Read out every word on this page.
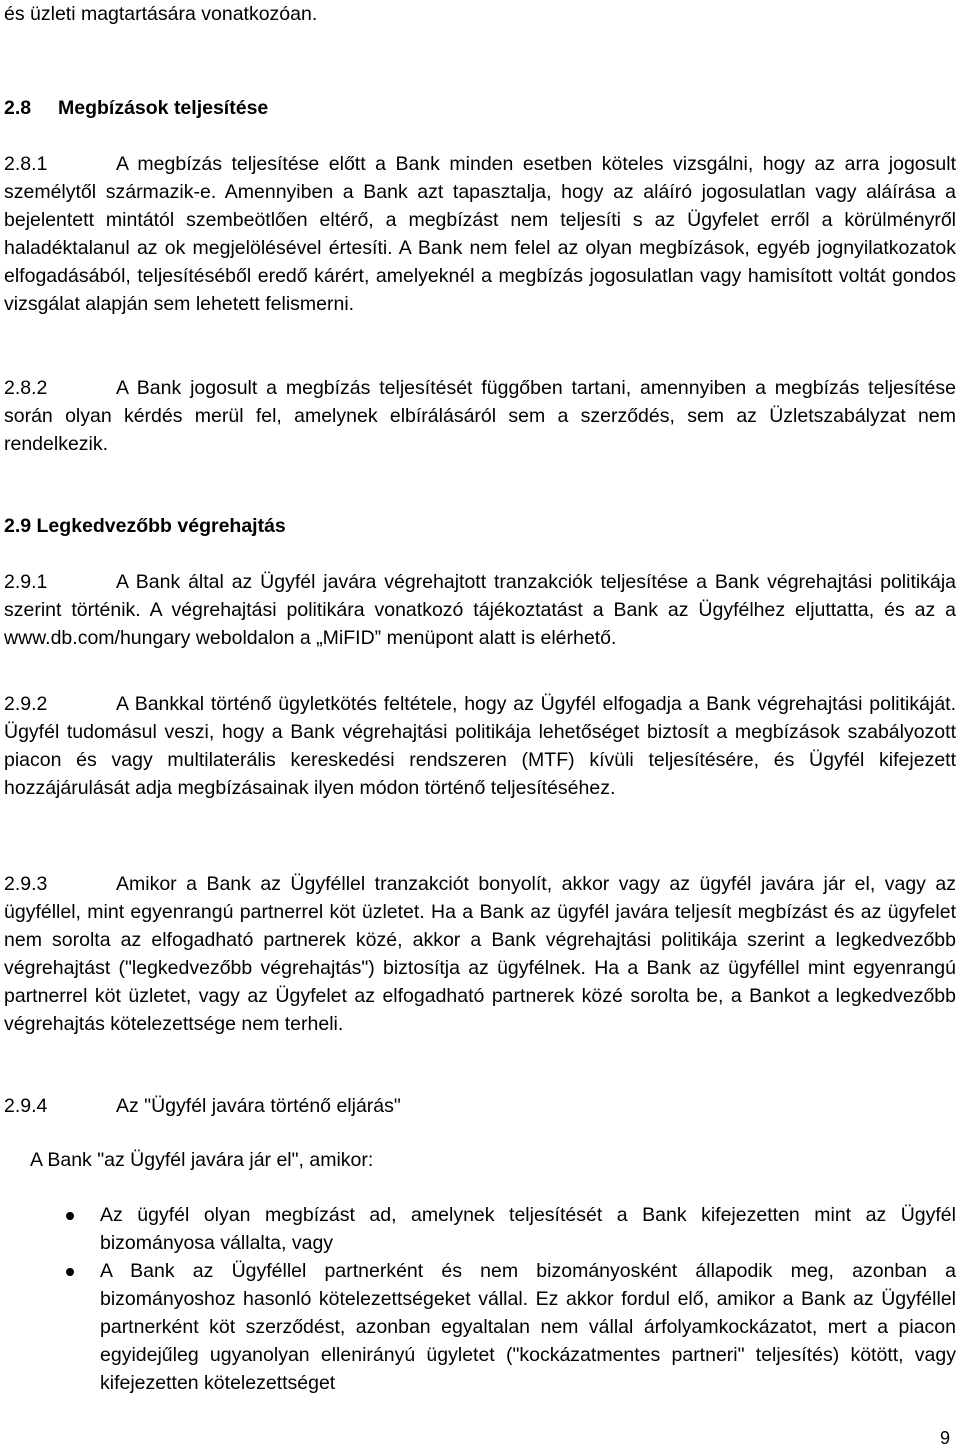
és üzleti magtartására vonatkozóan.
2.8 Megbízások teljesítése

2.8.1	A megbízás teljesítése előtt a Bank minden esetben köteles vizsgálni, hogy az arra jogosult személytől származik-e. Amennyiben a Bank azt tapasztalja, hogy az aláíró jogosulatlan vagy aláírása a bejelentett mintától szembeötlően eltérő, a megbízást nem teljesíti s az Ügyfelet erről a körülményről haladéktalanul az ok megjelölésével értesíti. A Bank nem felel az olyan megbízások, egyéb jognyilatkozatok elfogadásából, teljesítéséből eredő kárért, amelyeknél a megbízás jogosulatlan vagy hamisított voltát gondos vizsgálat alapján sem lehetett felismerni.

2.8.2	A Bank jogosult a megbízás teljesítését függőben tartani, amennyiben a megbízás teljesítése során olyan kérdés merül fel, amelynek elbírálásáról sem a szerződés, sem az Üzletszabályzat nem rendelkezik.

2.9 Legkedvezőbb végrehajtás

2.9.1	A Bank által az Ügyfél javára végrehajtott tranzakciók teljesítése a Bank végrehajtási politikája szerint történik. A végrehajtási politikára vonatkozó tájékoztatást a Bank az Ügyfélhez eljuttatta, és az a www.db.com/hungary weboldalon a „MiFID” menüpont alatt is elérhető.

2.9.2	A Bankkal történő ügyletkötés feltétele, hogy az Ügyfél elfogadja a Bank végrehajtási politikáját. Ügyfél tudomásul veszi, hogy a Bank végrehajtási politikája lehetőséget biztosít a megbízások szabályozott piacon és vagy multilaterális kereskedési rendszeren (MTF) kívüli teljesítésére, és Ügyfél kifejezett hozzájárulását adja megbízásainak ilyen módon történő teljesítéséhez.

2.9.3	Amikor a Bank az Ügyféllel tranzakciót bonyolít, akkor vagy az ügyfél javára jár el, vagy az ügyféllel, mint egyenrangú partnerrel köt üzletet. Ha a Bank az ügyfél javára teljesít megbízást és az ügyfelet nem sorolta az elfogadható partnerek közé, akkor a Bank végrehajtási politikája szerint a legkedvezőbb végrehajtást ("legkedvezőbb végrehajtás") biztosítja az ügyfélnek. Ha a Bank az ügyféllel mint egyenrangú partnerrel köt üzletet, vagy az Ügyfelet az elfogadható partnerek közé sorolta be, a Bankot a legkedvezőbb végrehajtás kötelezettsége nem terheli.

2.9.4	Az "Ügyfél javára történő eljárás"
A Bank "az Ügyfél javára jár el", amikor:
Az ügyfél olyan megbízást ad, amelynek teljesítését a Bank kifejezetten mint az Ügyfél bizományosa vállalta, vagy
A Bank az Ügyféllel partnerként és nem bizományosként állapodik meg, azonban a bizományoshoz hasonló kötelezettségeket vállal. Ez akkor fordul elő, amikor a Bank az Ügyféllel partnerként köt szerződést, azonban egyaltalan nem vállal árfolyamkockázatot, mert a piacon egyidejűleg ugyanolyan ellenirányú ügyletet ("kockázatmentes partneri" teljesítés) kötött, vagy kifejezetten kötelezettséget
9
